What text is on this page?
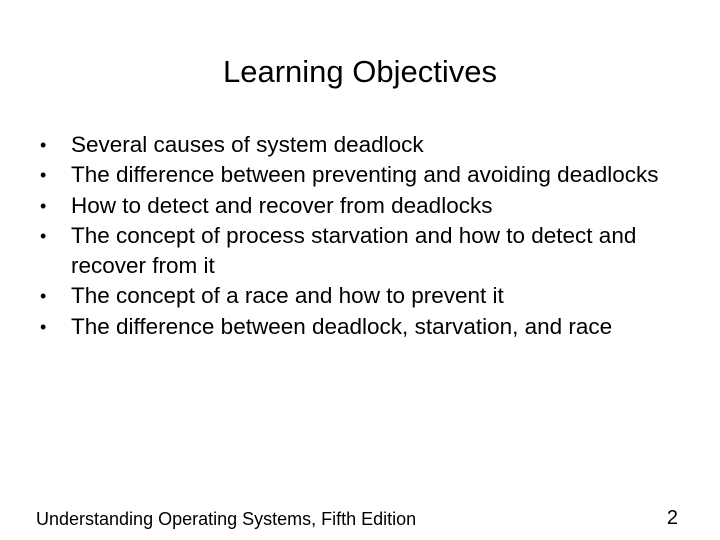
Learning Objectives
• Several causes of system deadlock
• The difference between preventing and avoiding deadlocks
• How to detect and recover from deadlocks
• The concept of process starvation and how to detect and recover from it
• The concept of a race and how to prevent it
• The difference between deadlock, starvation, and race

Understanding Operating Systems, Fifth Edition	2
